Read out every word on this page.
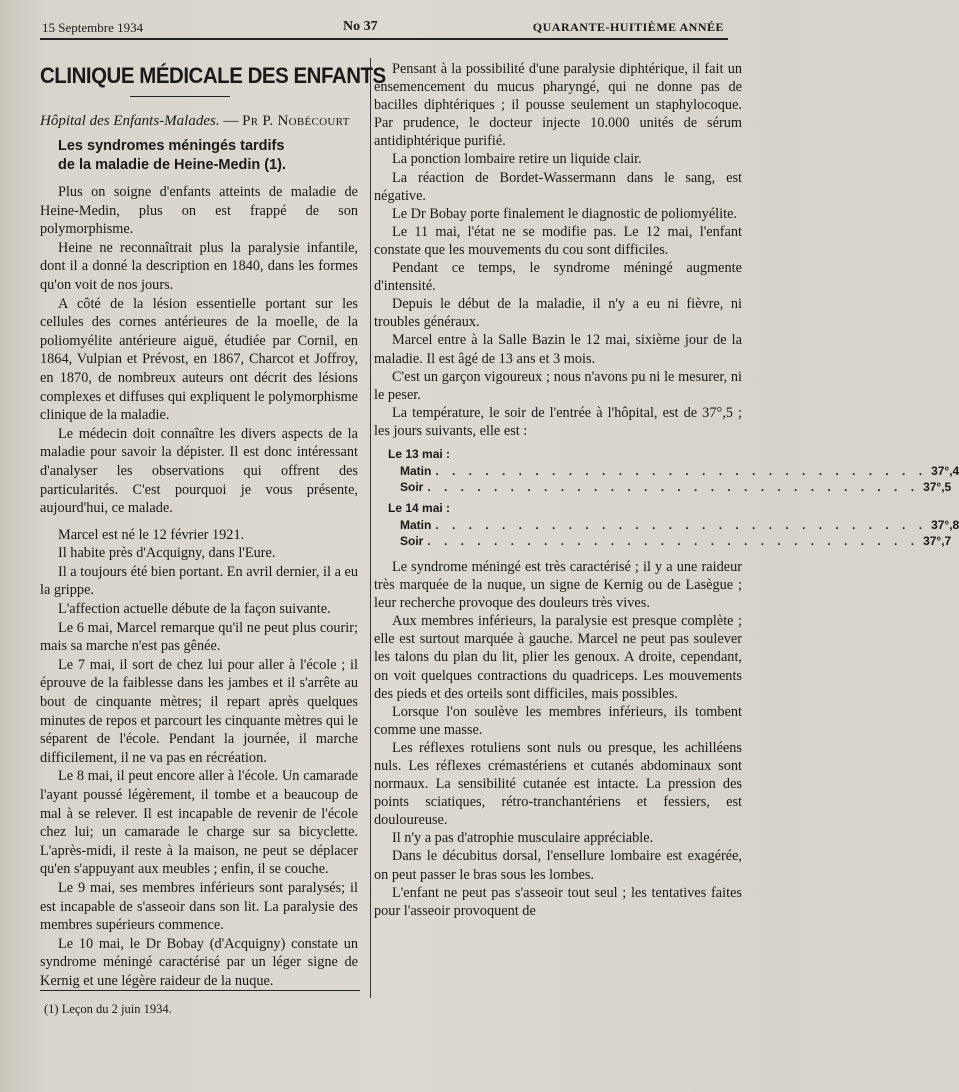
15 Septembre 1934	No 37	QUARANTE-HUITIÈME ANNÉE
CLINIQUE MÉDICALE DES ENFANTS
Hôpital des Enfants-Malades. — Pr P. Nobécourt
Les syndromes méningés tardifs
de la maladie de Heine-Medin (1).

Plus on soigne d'enfants atteints de maladie de Heine-Medin, plus on est frappé de son polymorphisme.

Heine ne reconnaîtrait plus la paralysie infantile, dont il a donné la description en 1840, dans les formes qu'on voit de nos jours.

A côté de la lésion essentielle portant sur les cellules des cornes antérieures de la moelle, de la poliomyélite antérieure aiguë, étudiée par Cornil, en 1864, Vulpian et Prévost, en 1867, Charcot et Joffroy, en 1870, de nombreux auteurs ont décrit des lésions complexes et diffuses qui expliquent le polymorphisme clinique de la maladie.

Le médecin doit connaître les divers aspects de la maladie pour savoir la dépister. Il est donc intéressant d'analyser les observations qui offrent des particularités. C'est pourquoi je vous présente, aujourd'hui, ce malade.

Marcel est né le 12 février 1921.

Il habite près d'Acquigny, dans l'Eure.

Il a toujours été bien portant. En avril dernier, il a eu la grippe.

L'affection actuelle débute de la façon suivante.

Le 6 mai, Marcel remarque qu'il ne peut plus courir; mais sa marche n'est pas gênée.

Le 7 mai, il sort de chez lui pour aller à l'école ; il éprouve de la faiblesse dans les jambes et il s'arrête au bout de cinquante mètres; il repart après quelques minutes de repos et parcourt les cinquante mètres qui le séparent de l'école. Pendant la journée, il marche difficilement, il ne va pas en récréation.

Le 8 mai, il peut encore aller à l'école. Un camarade l'ayant poussé légèrement, il tombe et a beaucoup de mal à se relever. Il est incapable de revenir de l'école chez lui; un camarade le charge sur sa bicyclette. L'après-midi, il reste à la maison, ne peut se déplacer qu'en s'appuyant aux meubles ; enfin, il se couche.

Le 9 mai, ses membres inférieurs sont paralysés; il est incapable de s'asseoir dans son lit. La paralysie des membres supérieurs commence.

Le 10 mai, le Dr Bobay (d'Acquigny) constate un syndrome méningé caractérisé par un léger signe de Kernig et une légère raideur de la nuque.

(1) Leçon du 2 juin 1934.

Pensant à la possibilité d'une paralysie diphtérique, il fait un ensemencement du mucus pharyngé, qui ne donne pas de bacilles diphtériques ; il pousse seulement un staphylocoque. Par prudence, le docteur injecte 10.000 unités de sérum antidiphtérique purifié.

La ponction lombaire retire un liquide clair.

La réaction de Bordet-Wassermann dans le sang, est négative.

Le Dr Bobay porte finalement le diagnostic de poliomyélite.

Le 11 mai, l'état ne se modifie pas. Le 12 mai, l'enfant constate que les mouvements du cou sont difficiles.

Pendant ce temps, le syndrome méningé augmente d'intensité.

Depuis le début de la maladie, il n'y a eu ni fièvre, ni troubles généraux.

Marcel entre à la Salle Bazin le 12 mai, sixième jour de la maladie. Il est âgé de 13 ans et 3 mois.

C'est un garçon vigoureux ; nous n'avons pu ni le mesurer, ni le peser.

La température, le soir de l'entrée à l'hôpital, est de 37°,5 ; les jours suivants, elle est :

Le 13 mai :
Matin . . . . . . . . . . . . . . . . . . . . . . . . . . . . . . 37°,4
Soir . . . . . . . . . . . . . . . . . . . . . . . . . . . . . . 37°,5
Le 14 mai :
Matin . . . . . . . . . . . . . . . . . . . . . . . . . . . . . . 37°,8
Soir . . . . . . . . . . . . . . . . . . . . . . . . . . . . . . 37°,7

Le syndrome méningé est très caractérisé ; il y a une raideur très marquée de la nuque, un signe de Kernig ou de Lasègue ; leur recherche provoque des douleurs très vives.

Aux membres inférieurs, la paralysie est presque complète ; elle est surtout marquée à gauche. Marcel ne peut pas soulever les talons du plan du lit, plier les genoux. A droite, cependant, on voit quelques contractions du quadriceps. Les mouvements des pieds et des orteils sont difficiles, mais possibles.

Lorsque l'on soulève les membres inférieurs, ils tombent comme une masse.

Les réflexes rotuliens sont nuls ou presque, les achilléens nuls. Les réflexes crémastériens et cutanés abdominaux sont normaux. La sensibilité cutanée est intacte. La pression des points sciatiques, rétro-tranchantériens et fessiers, est douloureuse.

Il n'y a pas d'atrophie musculaire appréciable.

Dans le décubitus dorsal, l'ensellure lombaire est exagérée, on peut passer le bras sous les lombes.

L'enfant ne peut pas s'asseoir tout seul ; les tentatives faites pour l'asseoir provoquent de
